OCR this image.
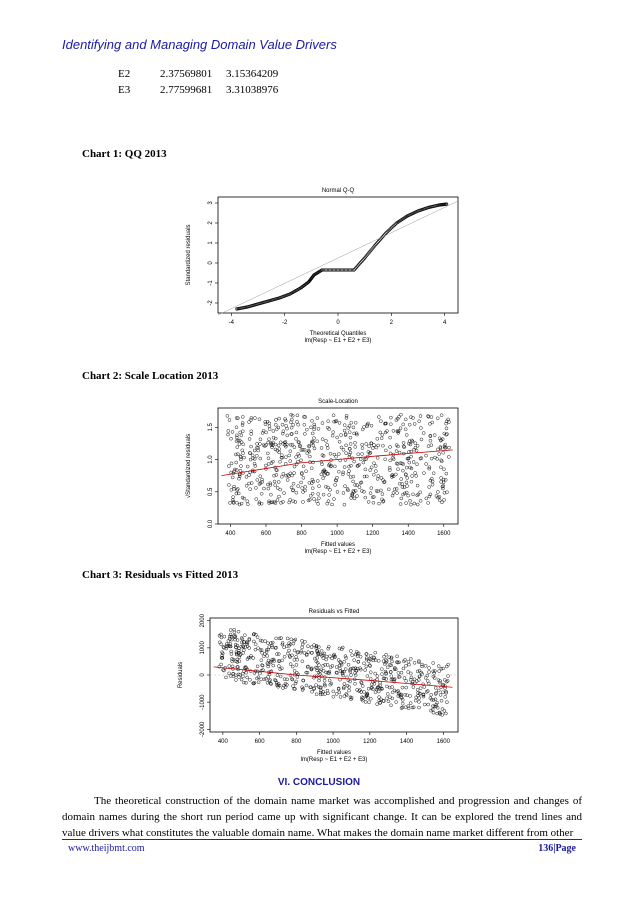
Identifying and Managing Domain Value Drivers
E2	2.37569801 3.15364209
E3	2.77599681 3.31038976
Chart 1: QQ 2013
Normal Q-Q
-4	-2	0	2	4
-2
-1
0
1
2
3
Theoretical Quantiles
lm(Resp ~ E1 + E2 + E3)
Standardized residuals
Chart 2: Scale Location 2013
Scale-Location
400	600	800	1000	1200	1400	1600
0.0
0.5
1.0
1.5
Fitted values
lm(Resp ~ E1 + E2 + E3)
√Standardized residuals
Chart 3: Residuals vs Fitted 2013
Residuals vs Fitted
400	600	800	1000	1200	1400	1600
-2000
-1000
0
1000
2000
Fitted values
lm(Resp ~ E1 + E2 + E3)
Residuals
VI. CONCLUSION
The theoretical construction of the domain name market was accomplished and progression and changes of domain names during the short run period came up with significant change. It can be explored the trend lines and value drivers what constitutes the valuable domain name. What makes the domain name market different from other
www.theijbmt.com	136|Page
